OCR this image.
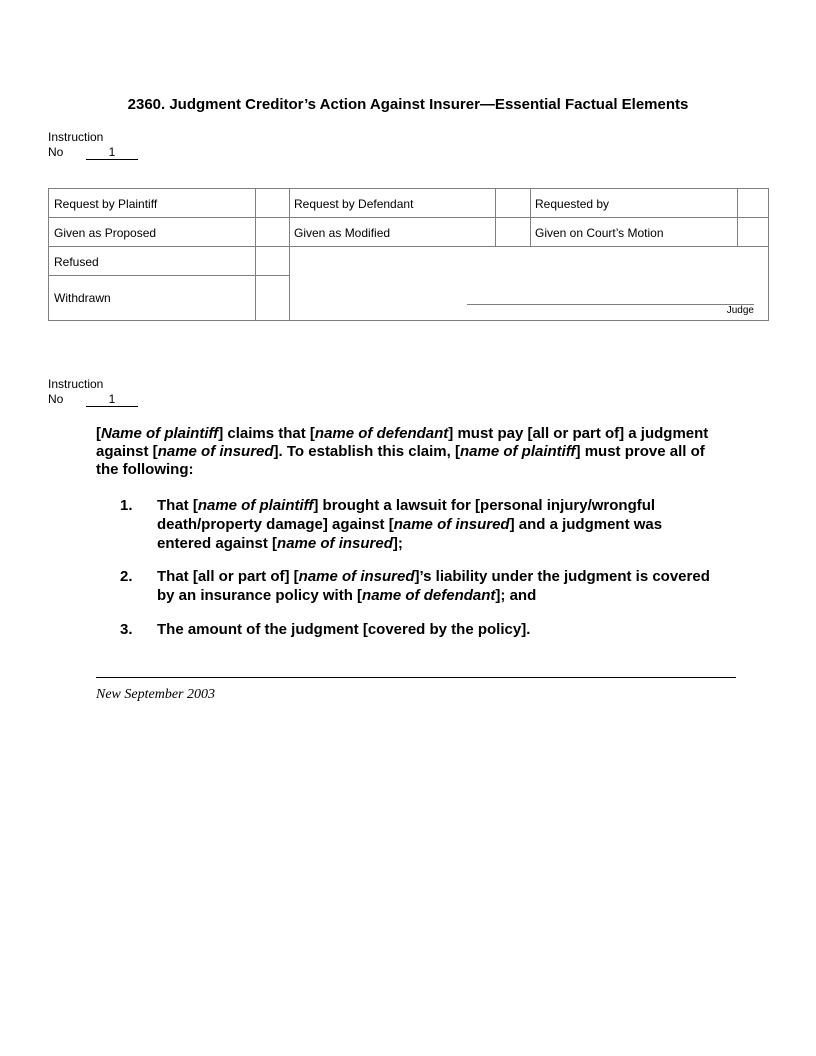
2360. Judgment Creditor’s Action Against Insurer—Essential Factual Elements
Instruction
No	1
Request by Plaintiff	Request by Defendant	Requested by
Given as Proposed	Given as Modified	Given on Court’s Motion
Refused
Withdrawn
Judge
Instruction
No	1
[Name of plaintiff] claims that [name of defendant] must pay [all or part of] a judgment against [name of insured]. To establish this claim, [name of plaintiff] must prove all of the following:
1. That [name of plaintiff] brought a lawsuit for [personal injury/wrongful death/property damage] against [name of insured] and a judgment was entered against [name of insured];
2. That [all or part of] [name of insured]’s liability under the judgment is covered by an insurance policy with [name of defendant]; and
3. The amount of the judgment [covered by the policy].
New September 2003
